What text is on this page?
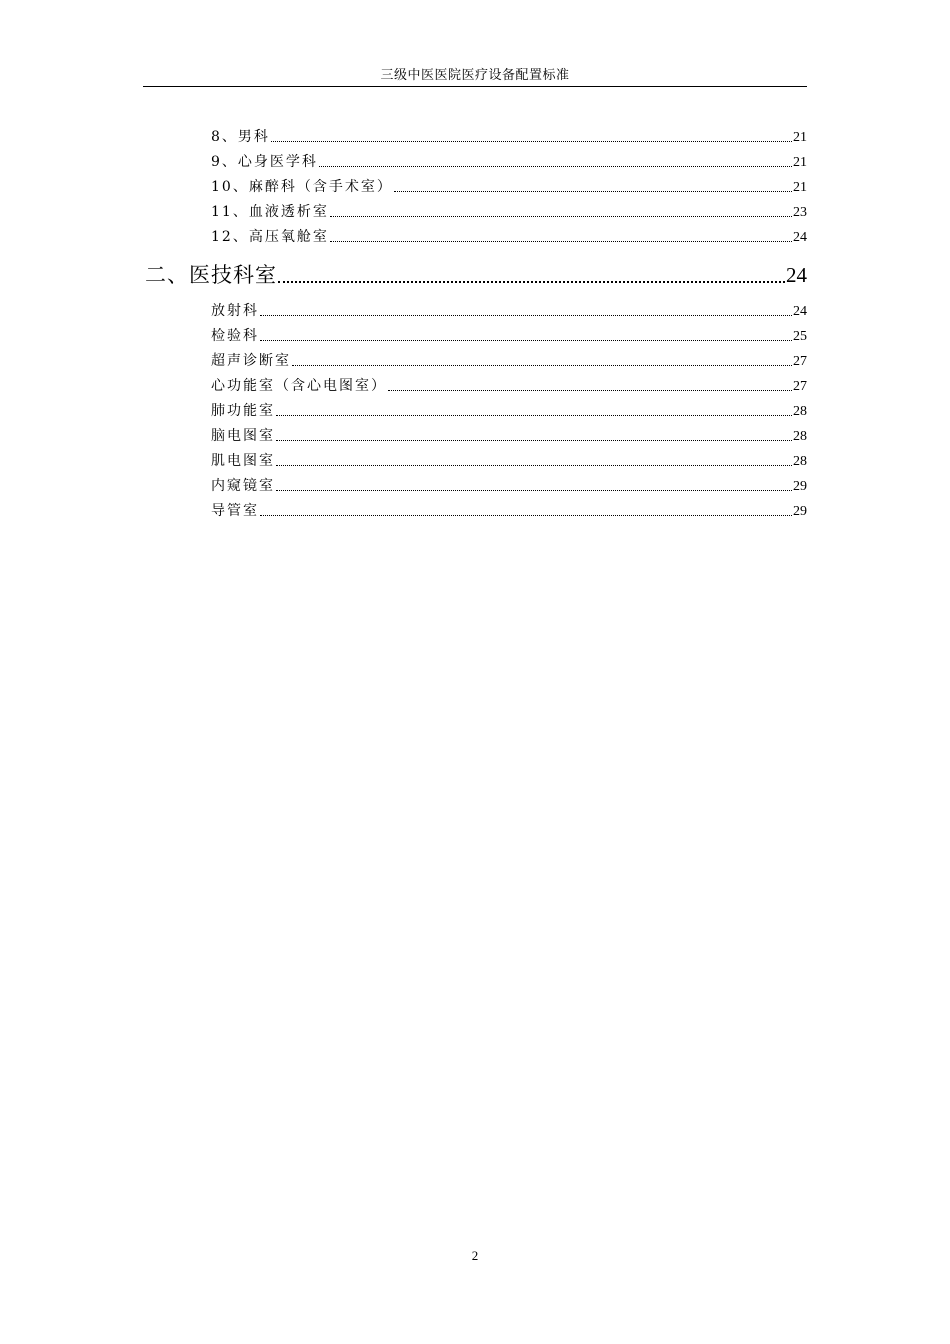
三级中医医院医疗设备配置标准
8、男科	21
9、心身医学科	21
10、麻醉科（含手术室）	21
11、血液透析室	23
12、高压氧舱室	24
二、医技科室	24
放射科	24
检验科	25
超声诊断室	27
心功能室（含心电图室）	27
肺功能室	28
脑电图室	28
肌电图室	28
内窥镜室	29
导管室	29
2
